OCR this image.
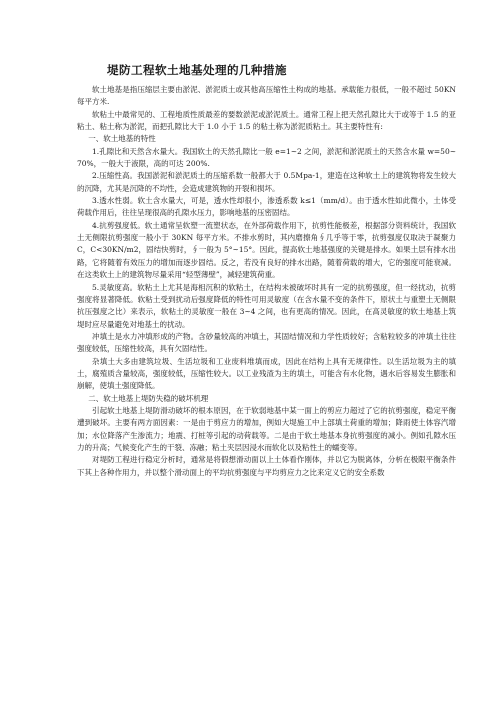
堤防工程软土地基处理的几种措施

软土地基是指压缩层主要由淤泥、淤泥质土或其他高压缩性土构成的地基。承载能力很低，一般不超过 50KN 每平方米.

软粘土中最常见的、工程地质性质最差的要数淤泥或淤泥质土。通常工程上把天然孔隙比大于或等于 1.5 的亚粘土、粘土称为淤泥，而把孔隙比大于 1.0 小于 1.5 的粘土称为淤泥质粘土。其主要特性有:

一、软土地基的特性

1.孔隙比和天然含水量大。我国软土的天然孔隙比一般 e=1~2 之间，淤泥和淤泥质土的天然含水量 w=50~70%，一般大于液限，高的可达 200%.

2.压缩性高。我国淤泥和淤泥质土的压缩系数一般都大于 0.5Mpa-1，建造在这种软土上的建筑物将发生较大的沉降，尤其是沉降的不均性，会造成建筑物的开裂和损坏。

3.透水性弱。软土含水量大，可是，透水性却很小，渗透系数 k≤1（mm/d）。由于透水性如此微小，土体受荷载作用后，往往呈现很高的孔隙水压力，影响地基的压密固结。

4.抗剪强度低。软土通常呈软塑一流塑状态，在外部荷载作用下，抗剪性能极差，根据部分资料统计，我国软土无侧限抗剪强度一般小于 30KN 每平方米。不排水剪时，其内磨擦角∮几乎等于零，抗剪强度仅取决于凝聚力 C，C<30KN/m2，固结快剪时，∮一般为 5°~15°。因此，提高软土地基强度的关键是排水。如果土层有排水出路，它将随着有效压力的增加而逐步固结。反之，若没有良好的排水出路，随着荷载的增大，它的强度可能衰减。在这类软土上的建筑物尽量采用“轻型薄壁”，减轻建筑荷重。

5.灵敏度高。软粘土上尤其是海相沉积的软粘土，在结构未被破坏时具有一定的抗剪强度，但一经扰动，抗剪强度将显著降低。软粘土受到扰动后强度降低的特性可用灵敏度（在含水量不变的条件下，原状土与重塑土无侧限抗压强度之比）来表示，软粘土的灵敏度一般在 3~4 之间，也有更高的情况。因此，在高灵敏度的软土地基上筑堤时应尽量避免对地基土的扰动。

冲填土是水力冲填形成的产物。含砂量较高的冲填土，其固结情况和力学性质较好；含粘粒较多的冲填土往往强度较低，压缩性较高，具有欠固结性。

杂填土大多由建筑垃圾、生活垃圾和工业废料堆填而成，因此在结构上具有无规律性。以生活垃圾为主的填土，腐殖质含量较高，强度较低，压缩性较大。以工业残渣为主的填土，可能含有水化物，遇水后容易发生膨胀和崩解，使填土强度降低。

二、软土地基上堤防失稳的破坏机理

引起软土地基上堤防滑动破坏的根本原因，在于软弱地基中某一面上的剪应力超过了它的抗剪强度，稳定平衡遭到破坏。主要有两方面因素：一是由于剪应力的增加，例如大堤施工中上部填土荷重的增加；降雨使土体容汽增加；水位降落产生渗流力；地震、打桩等引起的动荷载等。二是由于软土地基本身抗剪强度的减小。例如孔隙水压力的升高；气候变化产生的干裂、冻融；粘土夹层因浸水而软化以及粘性土的蠕变等。

对堤防工程进行稳定分析时，通常是将假想滑动面以上土体看作刚体，并以它为脱离体，分析在极限平衡条件下其上各种作用力，并以整个滑动面上的平均抗剪强度与平均剪应力之比来定义它的安全系数
